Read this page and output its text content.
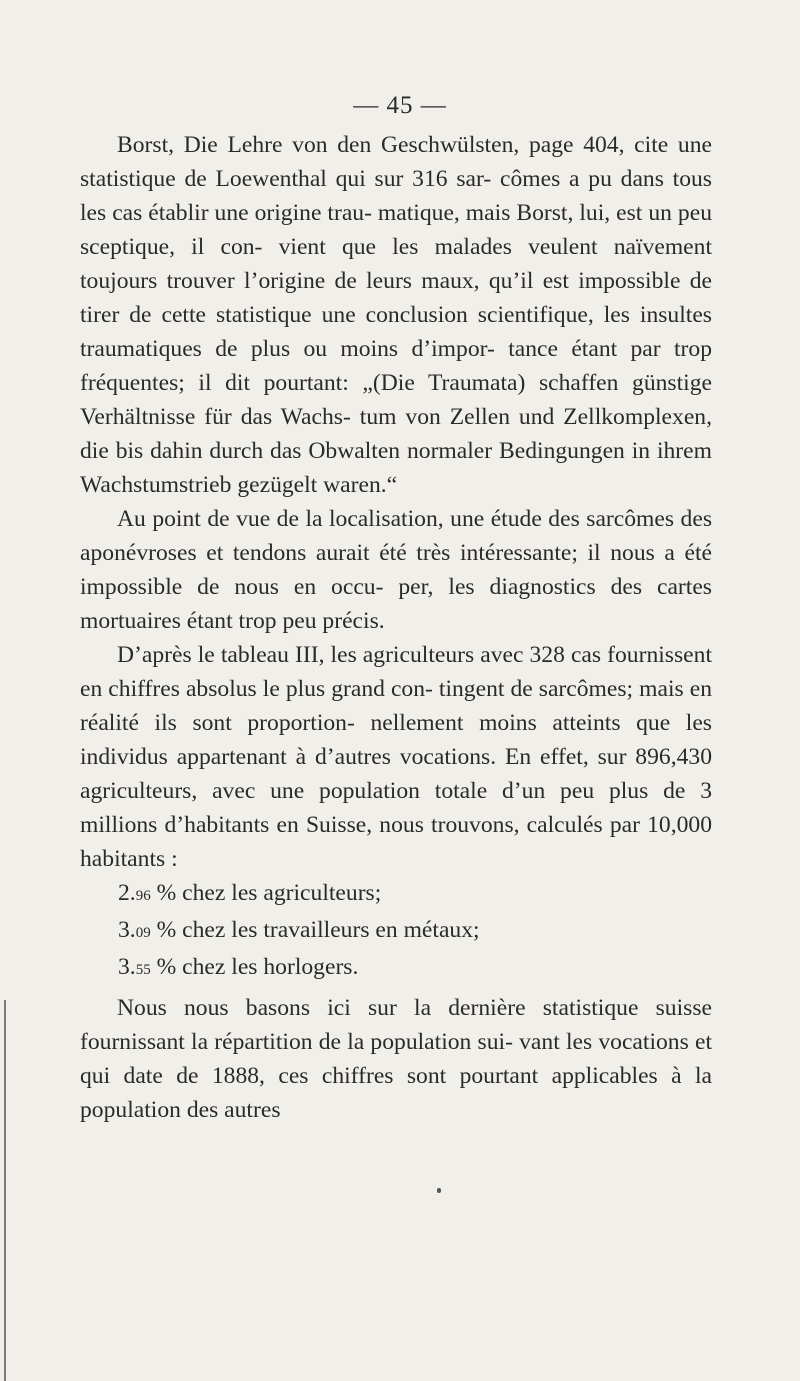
— 45 —

Borst, Die Lehre von den Geschwülsten, page 404, cite une statistique de Loewenthal qui sur 316 sar- cômes a pu dans tous les cas établir une origine trau- matique, mais Borst, lui, est un peu sceptique, il con- vient que les malades veulent naïvement toujours trouver l’origine de leurs maux, qu’il est impossible de tirer de cette statistique une conclusion scientifique, les insultes traumatiques de plus ou moins d’impor- tance étant par trop fréquentes; il dit pourtant: „(Die Traumata) schaffen günstige Verhältnisse für das Wachs- tum von Zellen und Zellkomplexen, die bis dahin durch das Obwalten normaler Bedingungen in ihrem Wachstumstrieb gezügelt waren.“

Au point de vue de la localisation, une étude des sarcômes des aponévroses et tendons aurait été très intéressante; il nous a été impossible de nous en occu- per, les diagnostics des cartes mortuaires étant trop peu précis.

D’après le tableau III, les agriculteurs avec 328 cas fournissent en chiffres absolus le plus grand con- tingent de sarcômes; mais en réalité ils sont proportion- nellement moins atteints que les individus appartenant à d’autres vocations. En effet, sur 896,430 agriculteurs, avec une population totale d’un peu plus de 3 millions d’habitants en Suisse, nous trouvons, calculés par 10,000 habitants :

2.96 % chez les agriculteurs;
3.09 % chez les travailleurs en métaux;
3.55 % chez les horlogers.

Nous nous basons ici sur la dernière statistique suisse fournissant la répartition de la population sui- vant les vocations et qui date de 1888, ces chiffres sont pourtant applicables à la population des autres
